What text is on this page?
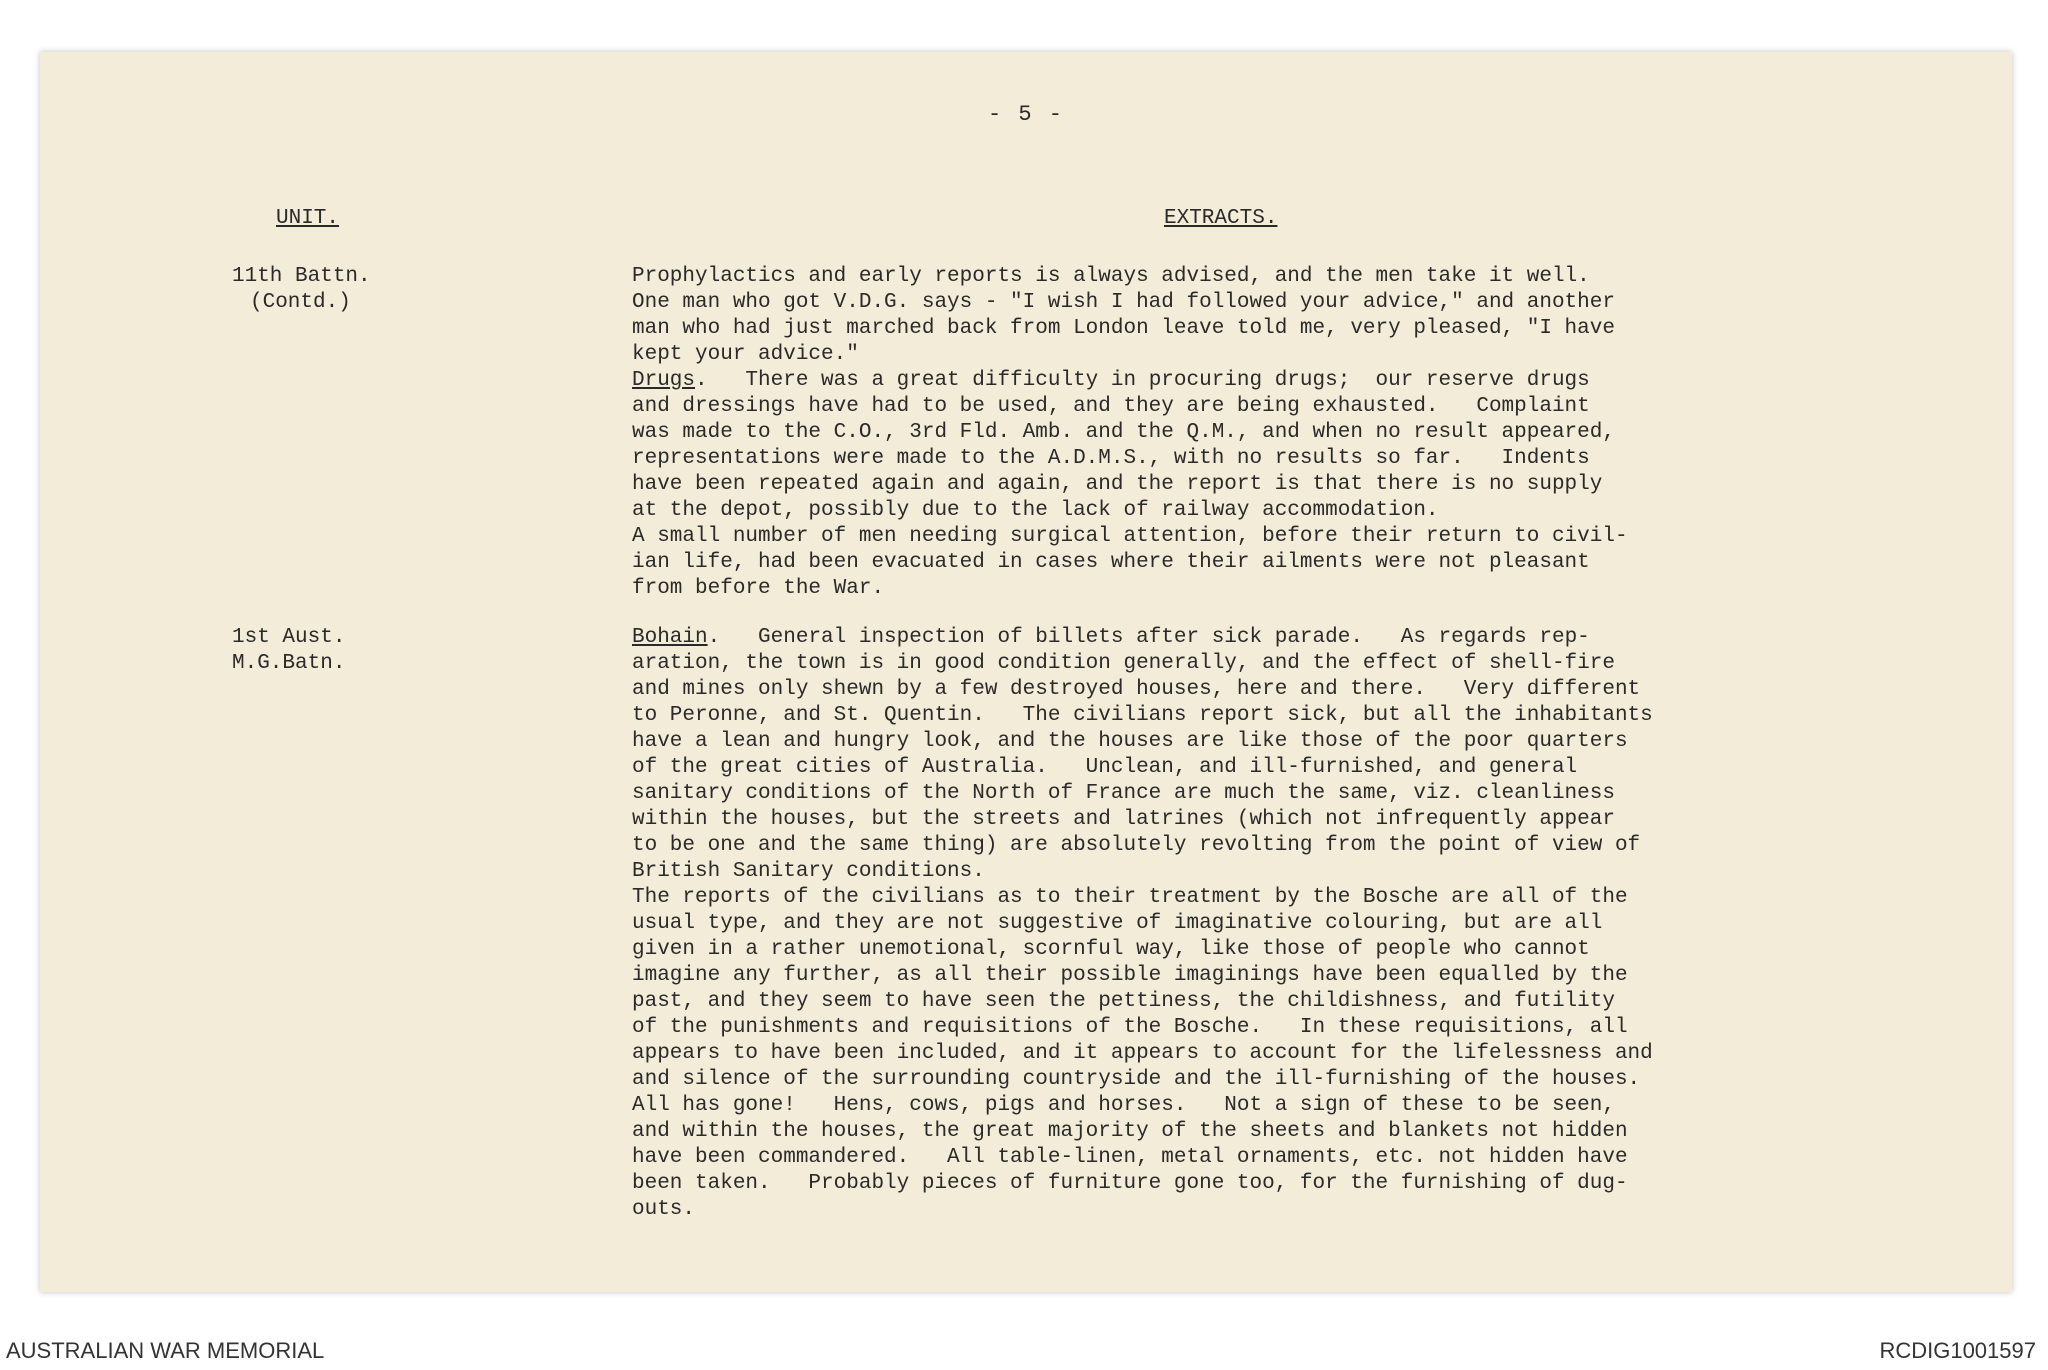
- 5 -
UNIT.	EXTRACTS.
11th Battn.
(Contd.)
Prophylactics and early reports is always advised, and the men take it well.
One man who got V.D.G. says - "I wish I had followed your advice," and another
man who had just marched back from London leave told me, very pleased, "I have
kept your advice."
Drugs.   There was a great difficulty in procuring drugs;  our reserve drugs
and dressings have had to be used, and they are being exhausted.   Complaint
was made to the C.O., 3rd Fld. Amb. and the Q.M., and when no result appeared,
representations were made to the A.D.M.S., with no results so far.   Indents
have been repeated again and again, and the report is that there is no supply
at the depot, possibly due to the lack of railway accommodation.
A small number of men needing surgical attention, before their return to civil-
ian life, had been evacuated in cases where their ailments were not pleasant
from before the War.
1st Aust.
M.G.Batn.
Bohain.   General inspection of billets after sick parade.   As regards rep-
aration, the town is in good condition generally, and the effect of shell-fire
and mines only shewn by a few destroyed houses, here and there.   Very different
to Peronne, and St. Quentin.   The civilians report sick, but all the inhabitants
have a lean and hungry look, and the houses are like those of the poor quarters
of the great cities of Australia.   Unclean, and ill-furnished, and general
sanitary conditions of the North of France are much the same, viz. cleanliness
within the houses, but the streets and latrines (which not infrequently appear
to be one and the same thing) are absolutely revolting from the point of view of
British Sanitary conditions.
The reports of the civilians as to their treatment by the Bosche are all of the
usual type, and they are not suggestive of imaginative colouring, but are all
given in a rather unemotional, scornful way, like those of people who cannot
imagine any further, as all their possible imaginings have been equalled by the
past, and they seem to have seen the pettiness, the childishness, and futility
of the punishments and requisitions of the Bosche.   In these requisitions, all
appears to have been included, and it appears to account for the lifelessness and
and silence of the surrounding countryside and the ill-furnishing of the houses.
All has gone!   Hens, cows, pigs and horses.   Not a sign of these to be seen,
and within the houses, the great majority of the sheets and blankets not hidden
have been commandered.   All table-linen, metal ornaments, etc. not hidden have
been taken.   Probably pieces of furniture gone too, for the furnishing of dug-
outs.
AUSTRALIAN WAR MEMORIAL	RCDIG1001597
